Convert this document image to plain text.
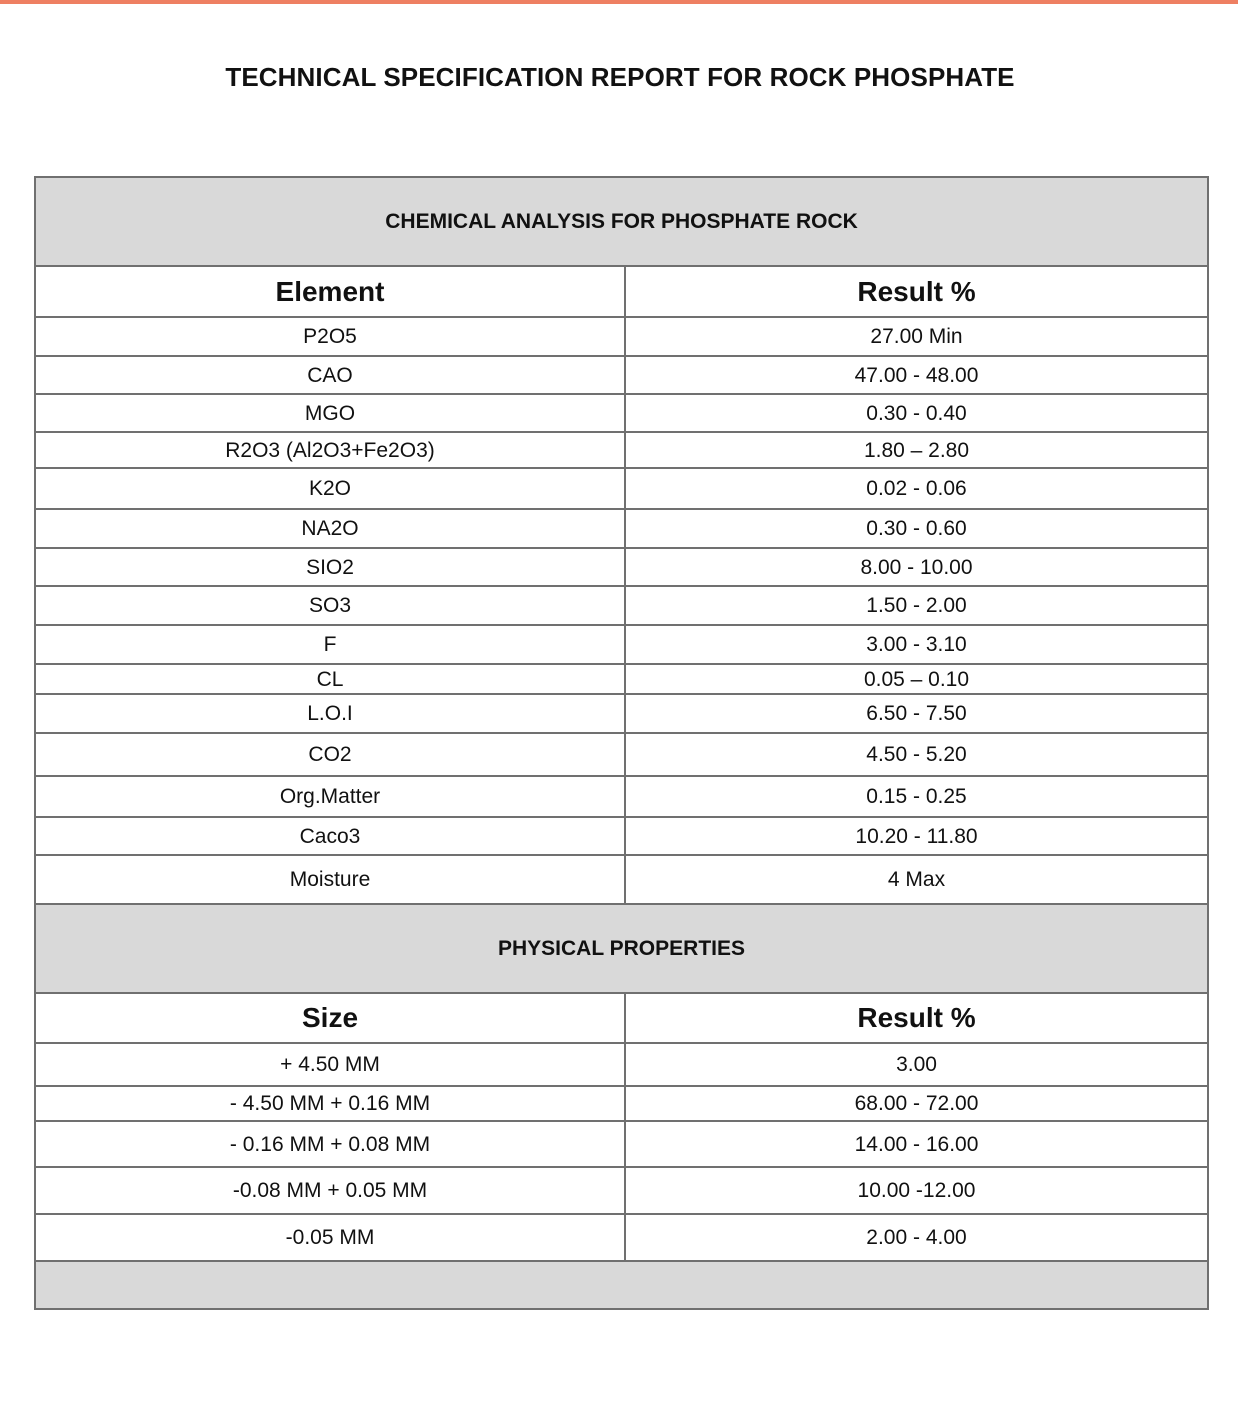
TECHNICAL SPECIFICATION REPORT FOR ROCK PHOSPHATE
CHEMICAL ANALYSIS FOR PHOSPHATE ROCK	
Element	Result %
P2O5	27.00 Min
CAO	47.00 - 48.00
MGO	0.30 - 0.40
R2O3 (Al2O3+Fe2O3)	1.80 – 2.80
K2O	0.02 - 0.06
NA2O	0.30 - 0.60
SIO2	8.00 - 10.00
SO3	1.50 - 2.00
F	3.00 - 3.10
CL	0.05 – 0.10
L.O.I	6.50 - 7.50
CO2	4.50 - 5.20
Org.Matter	0.15 - 0.25
Caco3	10.20 - 11.80
Moisture	4 Max
PHYSICAL PROPERTIES	
Size	Result %
+ 4.50 MM	3.00
- 4.50 MM + 0.16 MM	68.00 - 72.00
- 0.16 MM + 0.08 MM	14.00 - 16.00
-0.08 MM + 0.05 MM	10.00 -12.00
-0.05 MM	2.00 - 4.00
